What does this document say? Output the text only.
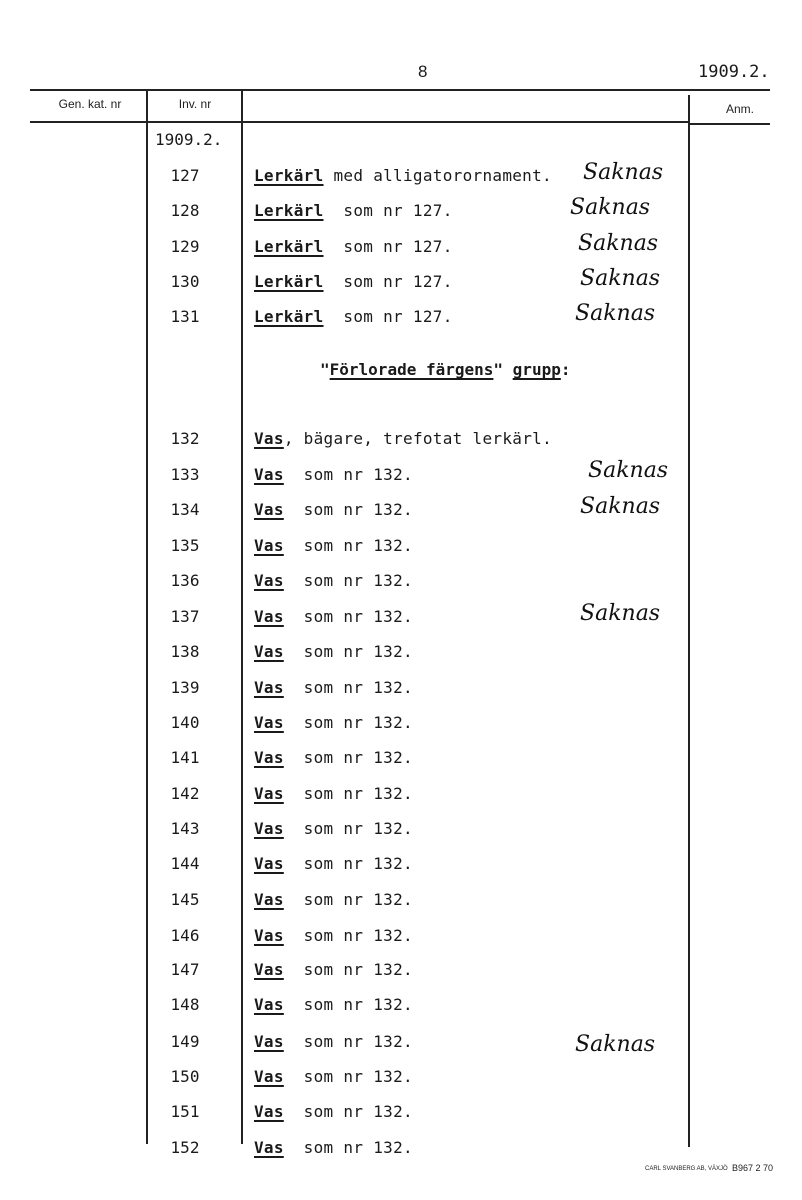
8	1909.2.
Gen. kat. nr	Inv. nr	Anm.
1909.2.
127	Lerkärl med alligatorornament. Saknas
128	Lerkärl  som nr 127.	Saknas
129	Lerkärl  som nr 127.	Saknas
130	Lerkärl  som nr 127.	Saknas
131	Lerkärl  som nr 127.	Saknas
"Förlorade färgens" grupp:
132	Vas, bägare, trefotat lerkärl.
133	Vas  som nr 132.	Saknas
134	Vas  som nr 132.	Saknas
135	Vas  som nr 132.
136	Vas  som nr 132.
137	Vas  som nr 132.	Saknas
138	Vas  som nr 132.
139	Vas  som nr 132.
140	Vas  som nr 132.
141	Vas  som nr 132.
142	Vas  som nr 132.
143	Vas  som nr 132.
144	Vas  som nr 132.
145	Vas  som nr 132.
146	Vas  som nr 132.
147	Vas  som nr 132.
148	Vas  som nr 132.
149	Vas  som nr 132.	Saknas
150	Vas  som nr 132.
151	Vas  som nr 132.
152	Vas  som nr 132.
CARL SVANBERG AB, VÄXJÖ B967 2 70
